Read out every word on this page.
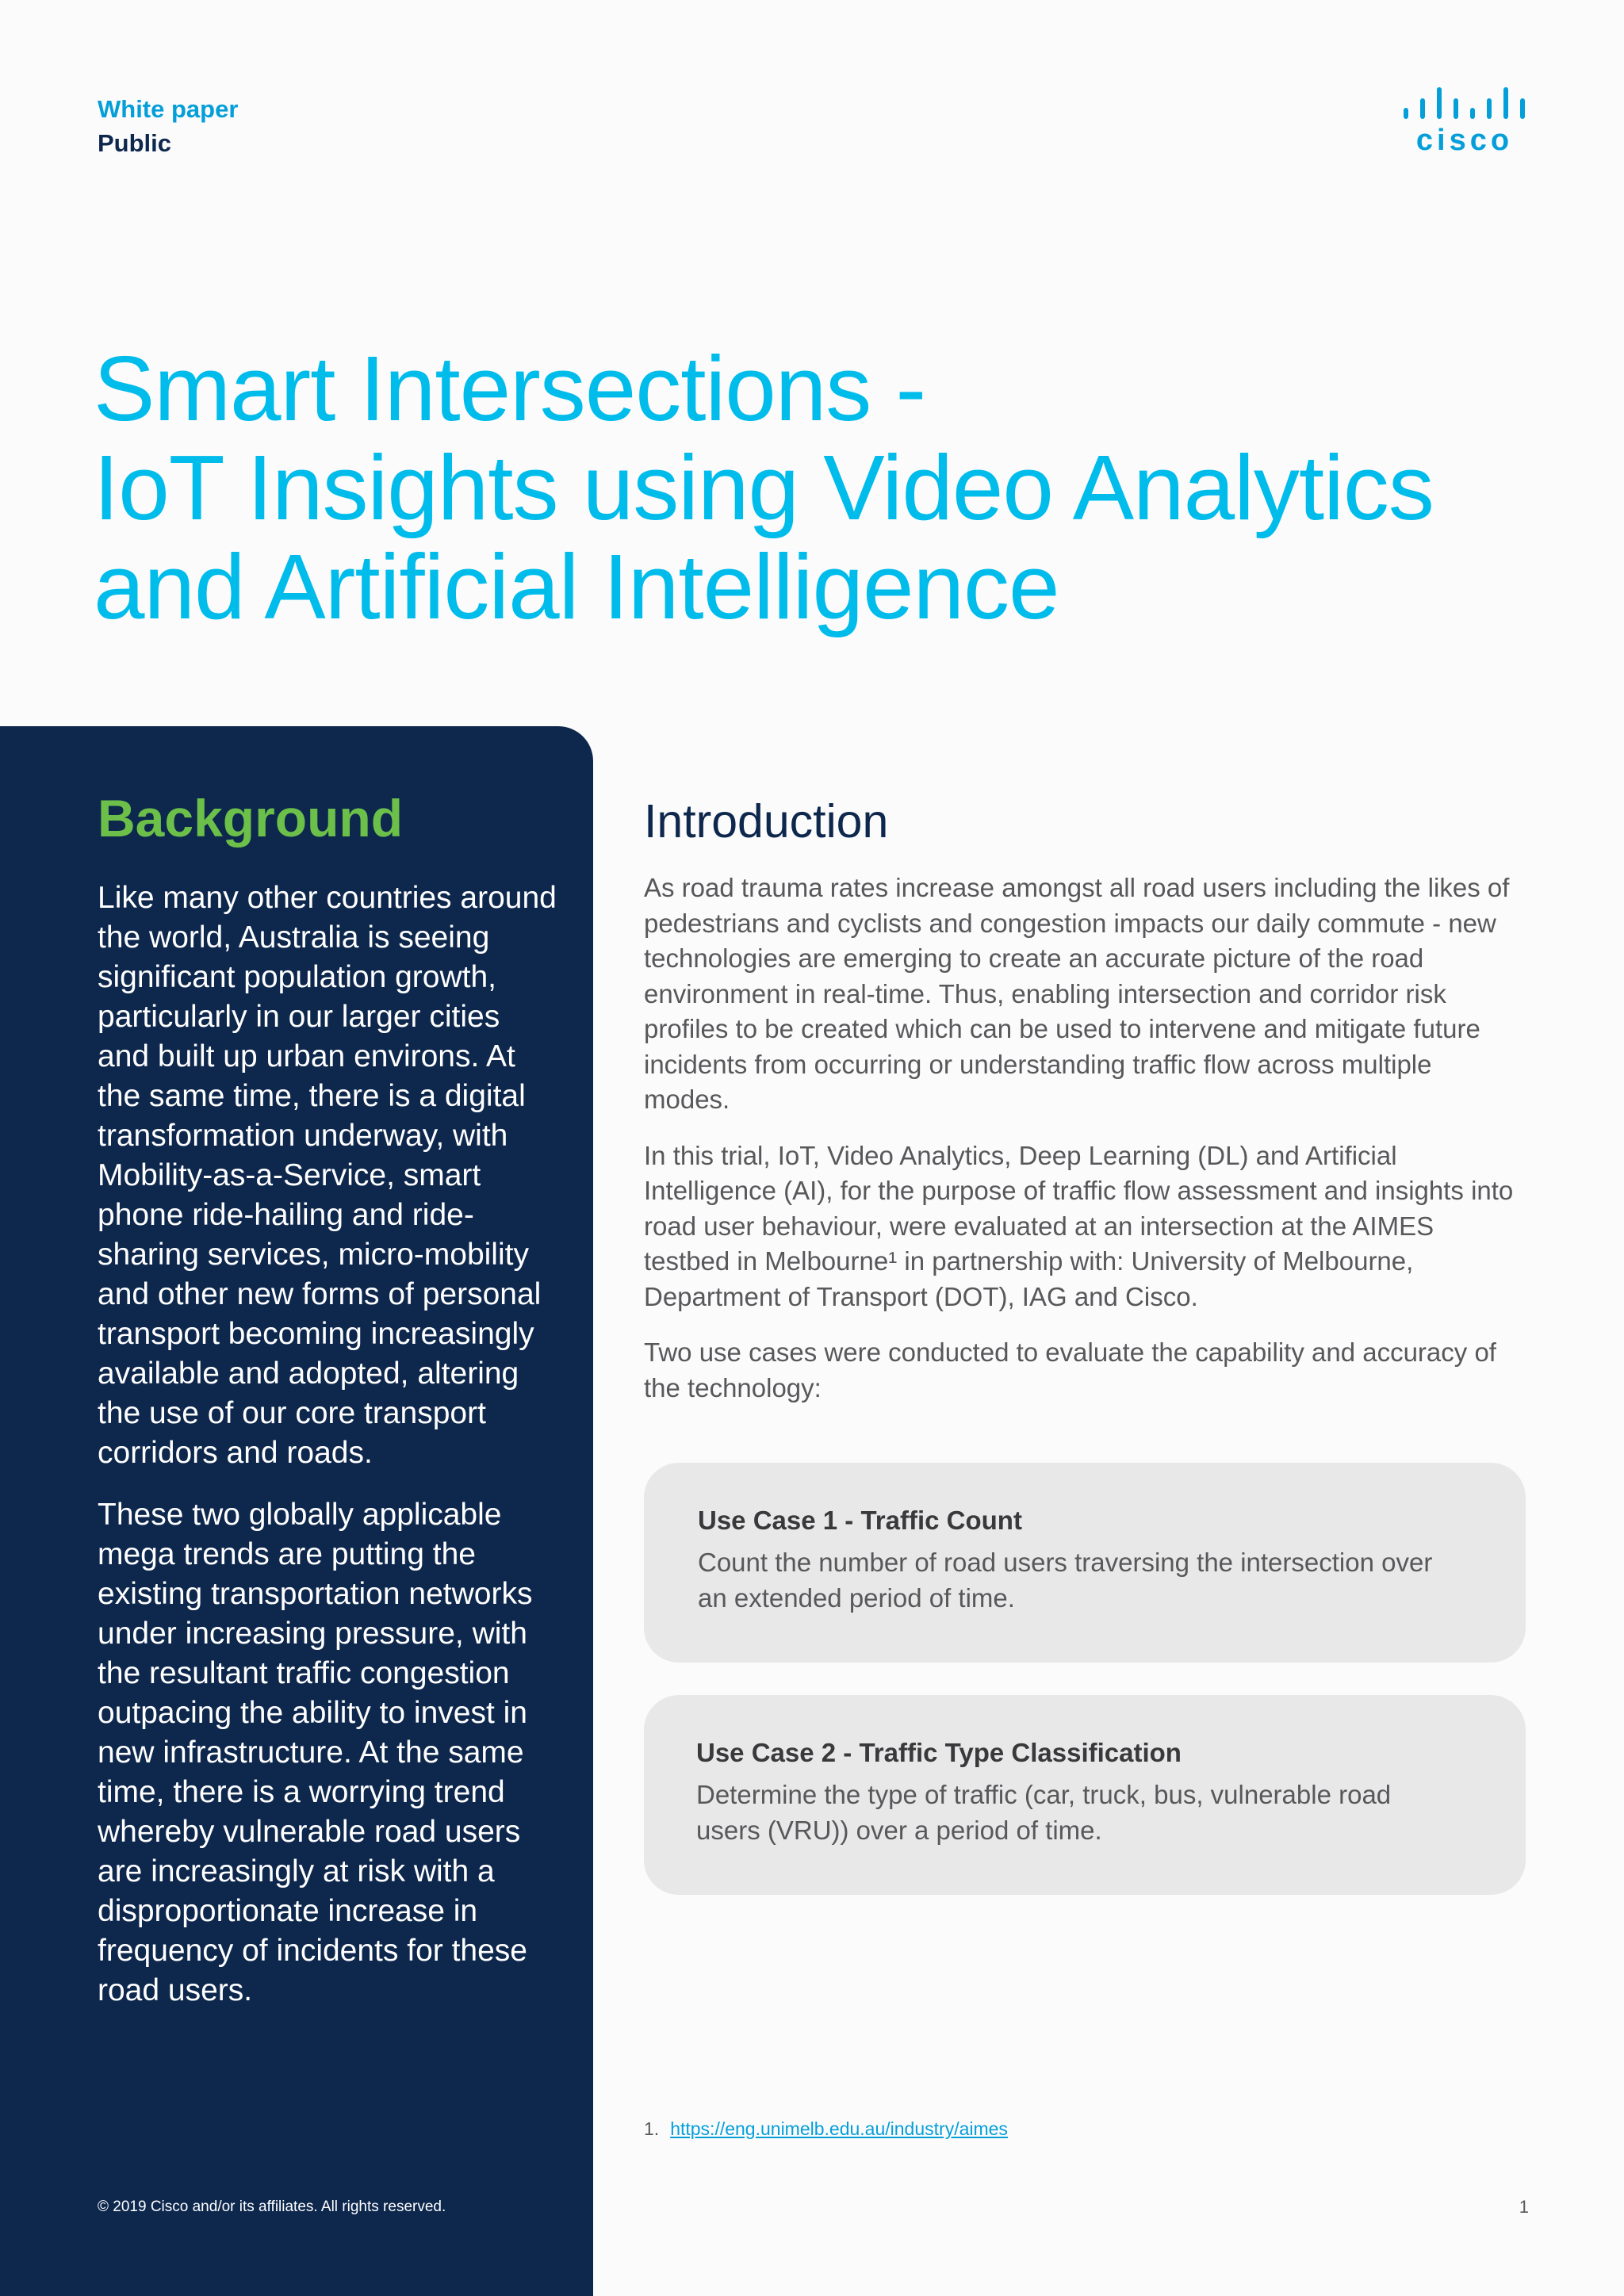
White paper
Public	cisco
Smart Intersections -
IoT Insights using Video Analytics
and Artificial Intelligence
Background

Like many other countries around the world, Australia is seeing significant population growth, particularly in our larger cities and built up urban environs. At the same time, there is a digital transformation underway, with Mobility-as-a-Service, smart phone ride-hailing and ride-sharing services, micro-mobility and other new forms of personal transport becoming increasingly available and adopted, altering the use of our core transport corridors and roads.

These two globally applicable mega trends are putting the existing transportation networks under increasing pressure, with the resultant traffic congestion outpacing the ability to invest in new infrastructure. At the same time, there is a worrying trend whereby vulnerable road users are increasingly at risk with a disproportionate increase in frequency of incidents for these road users.

Introduction

As road trauma rates increase amongst all road users including the likes of pedestrians and cyclists and congestion impacts our daily commute - new technologies are emerging to create an accurate picture of the road environment in real-time. Thus, enabling intersection and corridor risk profiles to be created which can be used to intervene and mitigate future incidents from occurring or understanding traffic flow across multiple modes.

In this trial, IoT, Video Analytics, Deep Learning (DL) and Artificial Intelligence (AI), for the purpose of traffic flow assessment and insights into road user behaviour, were evaluated at an intersection at the AIMES testbed in Melbourne¹ in partnership with: University of Melbourne, Department of Transport (DOT), IAG and Cisco.

Two use cases were conducted to evaluate the capability and accuracy of the technology:

Use Case 1 - Traffic Count
Count the number of road users traversing the intersection over an extended period of time.
Use Case 2 - Traffic Type Classification
Determine the type of traffic (car, truck, bus, vulnerable road users (VRU)) over a period of time.
1. https://eng.unimelb.edu.au/industry/aimes
© 2019 Cisco and/or its affiliates. All rights reserved.	1
